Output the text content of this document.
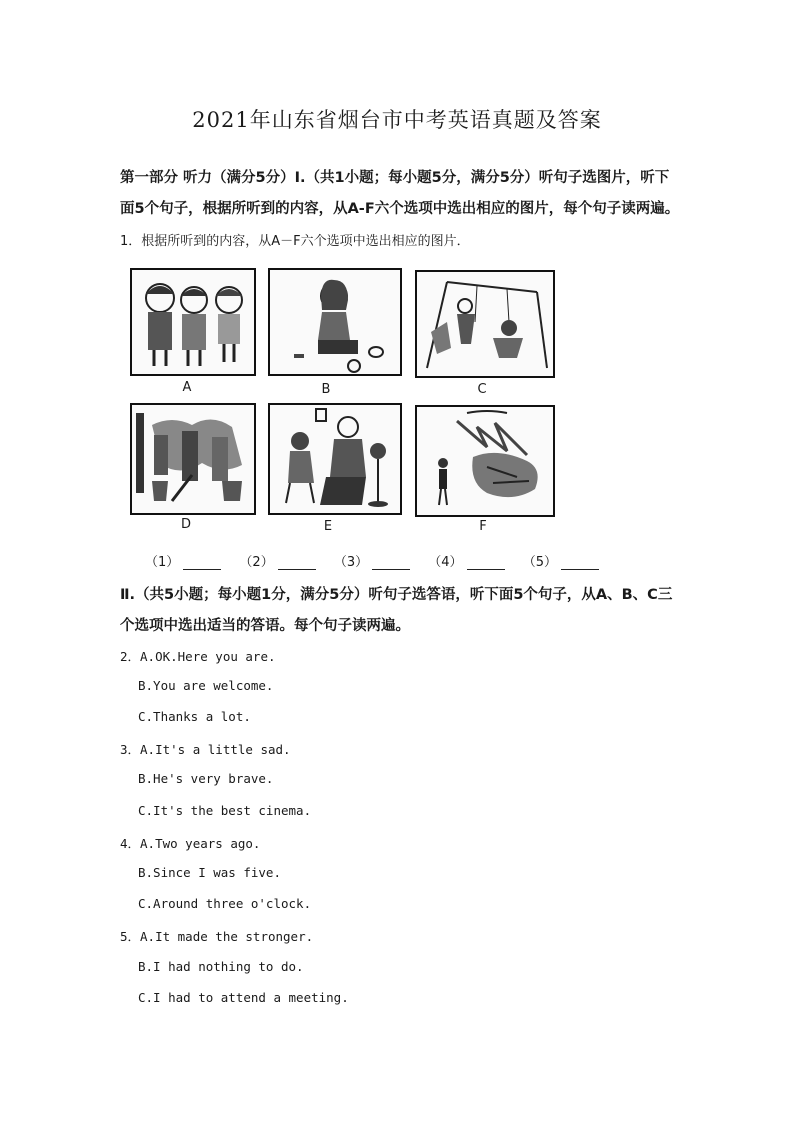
2021年山东省烟台市中考英语真题及答案
第一部分 听力（满分5分）Ⅰ.（共1小题；每小题5分，满分5分）听句子选图片，听下
面5个句子，根据所听到的内容，从A-F六个选项中选出相应的图片，每个句子读两遍。
1．根据所听到的内容，从A－F六个选项中选出相应的图片．
A	B	C
D	E	F
（1）	（2）	（3）	（4）	（5）
Ⅱ.（共5小题；每小题1分，满分5分）听句子选答语，听下面5个句子，从A、B、C三
个选项中选出适当的答语。每个句子读两遍。
2．A.OK.Here you are.
B.You are welcome.
C.Thanks a lot.
3．A.It's a little sad.
B.He's very brave.
C.It's the best cinema.
4．A.Two years ago.
B.Since I was five.
C.Around three o'clock.
5．A.It made the stronger.
B.I had nothing to do.
C.I had to attend a meeting.
